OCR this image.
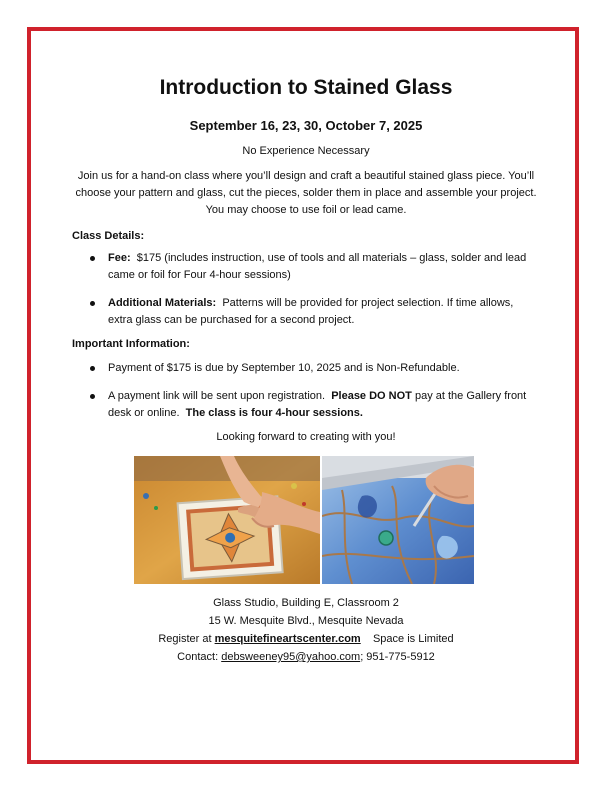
Introduction to Stained Glass
September 16, 23, 30, October 7, 2025
No Experience Necessary

Join us for a hand-on class where you’ll design and craft a beautiful stained glass piece. You’ll
choose your pattern and glass, cut the pieces, solder them in place and assemble your project.
You may choose to use foil or lead came.

Class Details:
Fee: $175 (includes instruction, use of tools and all materials – glass, solder and lead
came or foil for Four 4-hour sessions)
Additional Materials: Patterns will be provided for project selection. If time allows,
extra glass can be purchased for a second project.
Important Information:
Payment of $175 is due by September 10, 2025 and is Non-Refundable.
A payment link will be sent upon registration. Please DO NOT pay at the Gallery front
desk or online. The class is four 4-hour sessions.
Looking forward to creating with you!
Glass Studio, Building E, Classroom 2
15 W. Mesquite Blvd., Mesquite Nevada
Register at mesquitefineartscenter.com Space is Limited
Contact: debsweeney95@yahoo.com; 951-775-5912
